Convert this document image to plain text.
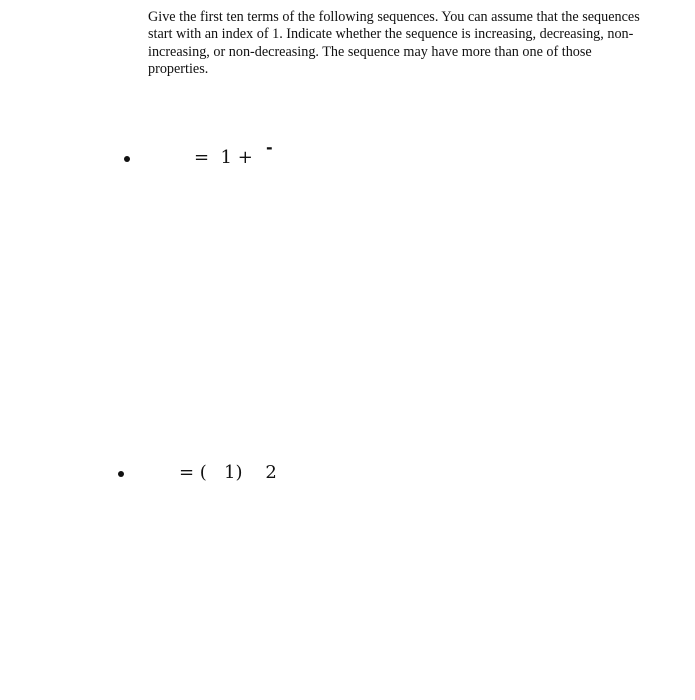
Give the first ten terms of the following sequences. You can assume that the sequences
start with an index of 1. Indicate whether the sequence is increasing, decreasing, non-
increasing, or non-decreasing. The sequence may have more than one of those
properties.

=  1 + -
= (   1)    2
